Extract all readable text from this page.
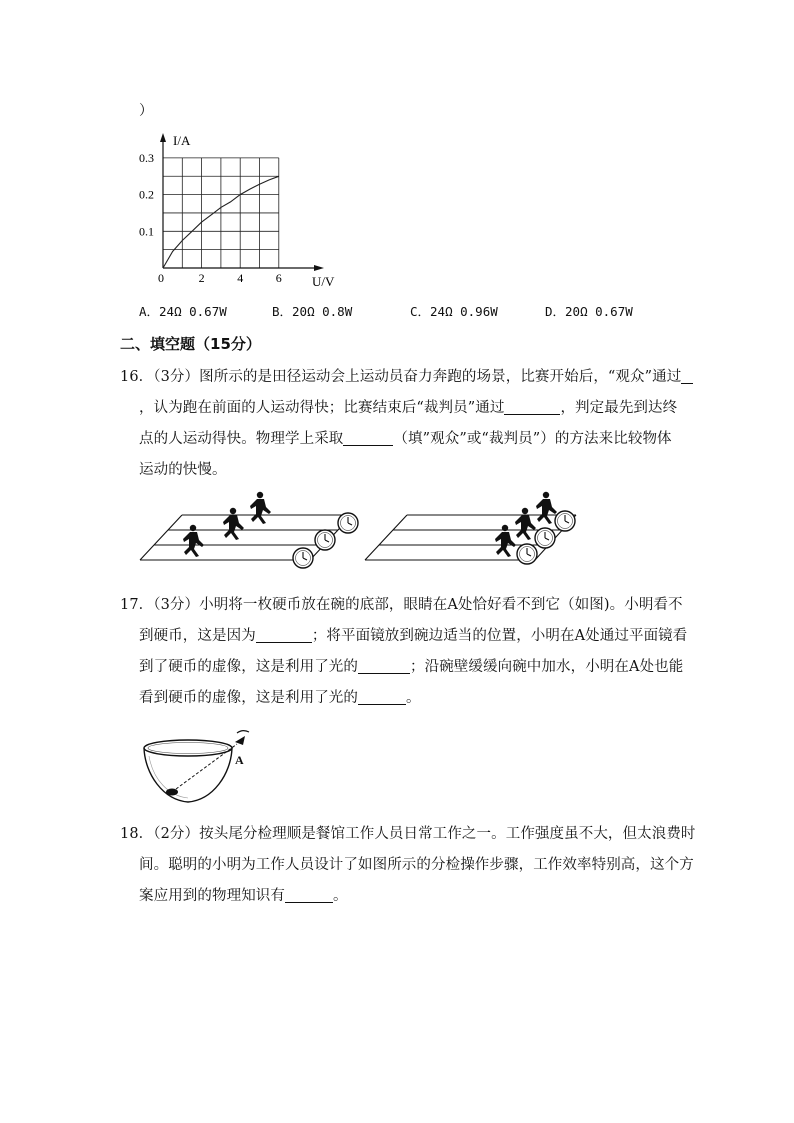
）
I/A
U/V
0	2	4	6
0.1
0.2
0.3
A．24Ω 0.67W	B．20Ω 0.8W	C．24Ω 0.96W	D．20Ω 0.67W
二、填空题（15分）
16．（3分）图所示的是田径运动会上运动员奋力奔跑的场景，比赛开始后，“观众”通过
，认为跑在前面的人运动得快；比赛结束后“裁判员”通过	，判定最先到达终
点的人运动得快。物理学上采取	（填”观众”或“裁判员”）的方法来比较物体
运动的快慢。
17．（3分）小明将一枚硬币放在碗的底部，眼睛在A处恰好看不到它（如图)。小明看不
到硬币，这是因为	；将平面镜放到碗边适当的位置，小明在A处通过平面镜看
到了硬币的虚像，这是利用了光的	；沿碗壁缓缓向碗中加水，小明在A处也能
看到硬币的虚像，这是利用了光的	。
A
18．（2分）按头尾分检理顺是餐馆工作人员日常工作之一。工作强度虽不大，但太浪费时
间。聪明的小明为工作人员设计了如图所示的分检操作步骤，工作效率特别高，这个方
案应用到的物理知识有	。
